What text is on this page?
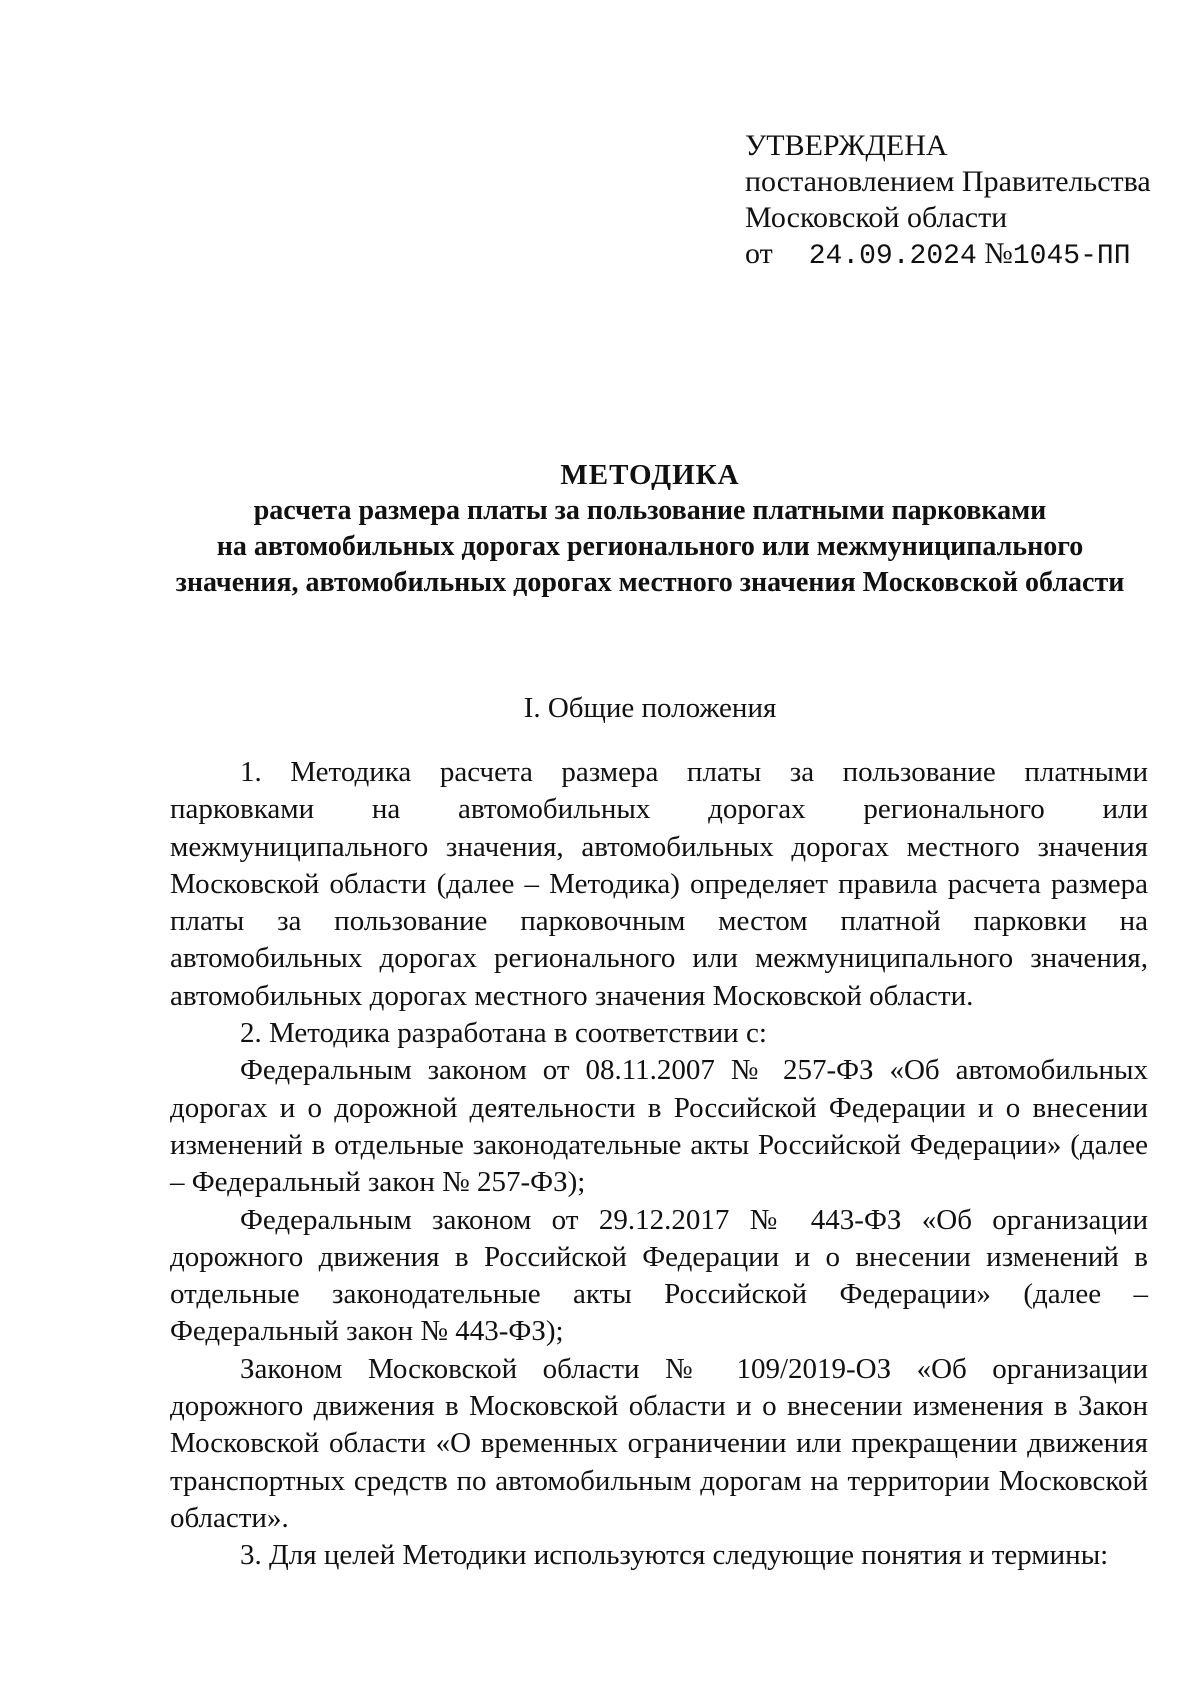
УТВЕРЖДЕНА
постановлением Правительства
Московской области
от 24.09.2024 №1045-ПП
МЕТОДИКА
расчета размера платы за пользование платными парковками
на автомобильных дорогах регионального или межмуниципального
значения, автомобильных дорогах местного значения Московской области
I. Общие положения

1. Методика расчета размера платы за пользование платными парковками на автомобильных дорогах регионального или межмуниципального значения, автомобильных дорогах местного значения Московской области (далее – Методика) определяет правила расчета размера платы за пользование парковочным местом платной парковки на автомобильных дорогах регионального или межмуниципального значения, автомобильных дорогах местного значения Московской области.

2. Методика разработана в соответствии с:

Федеральным законом от 08.11.2007 № 257-ФЗ «Об автомобильных дорогах и о дорожной деятельности в Российской Федерации и о внесении изменений в отдельные законодательные акты Российской Федерации» (далее – Федеральный закон № 257-ФЗ);

Федеральным законом от 29.12.2017 № 443-ФЗ «Об организации дорожного движения в Российской Федерации и о внесении изменений в отдельные законодательные акты Российской Федерации» (далее – Федеральный закон № 443-ФЗ);

Законом Московской области № 109/2019-ОЗ «Об организации дорожного движения в Московской области и о внесении изменения в Закон Московской области «О временных ограничении или прекращении движения транспортных средств по автомобильным дорогам на территории Московской области».

3. Для целей Методики используются следующие понятия и термины:
